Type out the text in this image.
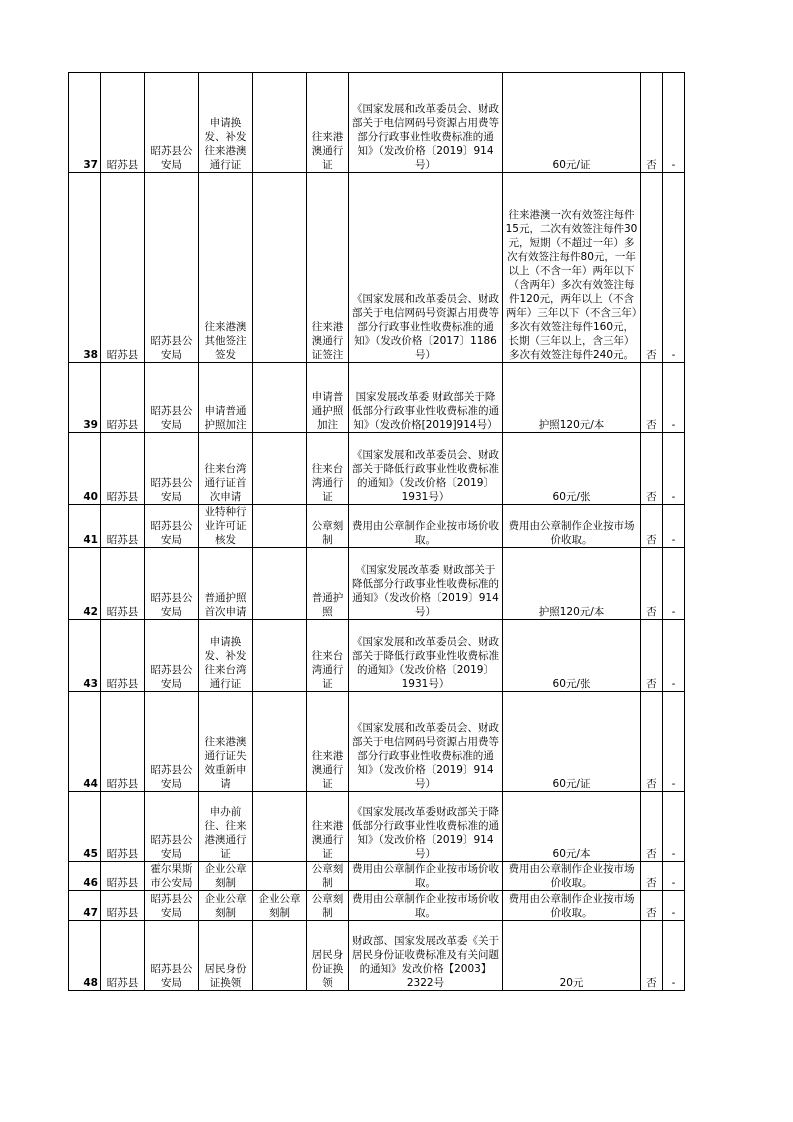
37	昭苏县	昭苏县公安局	申请换发、补发往来港澳通行证			往来港澳通行证	《国家发展和改革委员会、财政部关于电信网码号资源占用费等部分行政事业性收费标准的通知》（发改价格〔2019〕914号）	60元/证	否	-
38	昭苏县	昭苏县公安局	往来港澳其他签注签发			往来港澳通行证签注	《国家发展和改革委员会、财政部关于电信网码号资源占用费等部分行政事业性收费标准的通知》（发改价格〔2017〕1186号）	往来港澳一次有效签注每件15元，二次有效签注每件30元，短期（不超过一年）多次有效签注每件80元，一年以上（不含一年）两年以下（含两年）多次有效签注每件120元，两年以上（不含两年）三年以下（不含三年）多次有效签注每件160元，长期（三年以上，含三年）多次有效签注每件240元。	否	-
39	昭苏县	昭苏县公安局	申请普通护照加注			申请普通护照加注	国家发展改革委 财政部关于降低部分行政事业性收费标准的通知》（发改价格[2019]914号）	护照120元/本	否	-
40	昭苏县	昭苏县公安局	往来台湾通行证首次申请			往来台湾通行证	《国家发展和改革委员会、财政部关于降低行政事业性收费标准的通知》（发改价格〔2019〕1931号）	60元/张	否	-
41	昭苏县	昭苏县公安局	业特种行业许可证核发			公章刻制	费用由公章制作企业按市场价收取。	费用由公章制作企业按市场价收取。	否	-
42	昭苏县	昭苏县公安局	普通护照首次申请			普通护照	《国家发展改革委 财政部关于降低部分行政事业性收费标准的通知》（发改价格〔2019〕914号）	护照120元/本	否	-
43	昭苏县	昭苏县公安局	申请换发、补发往来台湾通行证			往来台湾通行证	《国家发展和改革委员会、财政部关于降低行政事业性收费标准的通知》（发改价格〔2019〕1931号）	60元/张	否	-
44	昭苏县	昭苏县公安局	往来港澳通行证失效重新申请			往来港澳通行证	《国家发展和改革委员会、财政部关于电信网码号资源占用费等部分行政事业性收费标准的通知》（发改价格〔2019〕914号）	60元/证	否	-
45	昭苏县	昭苏县公安局	申办前往、往来港澳通行证			往来港澳通行证	《国家发展改革委财政部关于降低部分行政事业性收费标准的通知》（发改价格〔2019〕914号）	60元/本	否	-
46	昭苏县	霍尔果斯市公安局	企业公章刻制			公章刻制	费用由公章制作企业按市场价收取。	费用由公章制作企业按市场价收取。	否	-
47	昭苏县	昭苏县公安局	企业公章刻制	企业公章刻制		公章刻制	费用由公章制作企业按市场价收取。	费用由公章制作企业按市场价收取。	否	-
48	昭苏县	昭苏县公安局	居民身份证换领			居民身份证换领	财政部、国家发展改革委《关于居民身份证收费标准及有关问题的通知》发改价格【2003】2322号	20元	否	-
